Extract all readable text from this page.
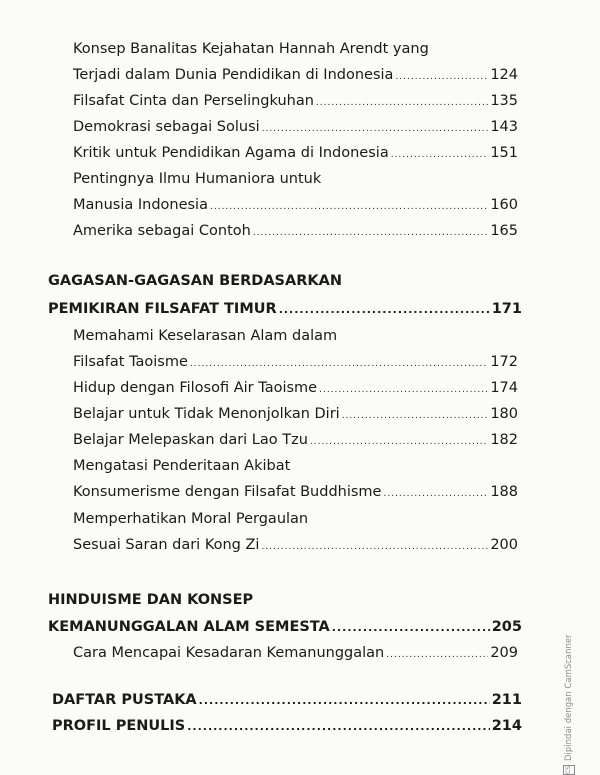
Konsep Banalitas Kejahatan Hannah Arendt yang
Terjadi dalam Dunia Pendidikan di Indonesia .....	124
Filsafat Cinta dan Perselingkuhan .....	135
Demokrasi sebagai Solusi .....	143
Kritik untuk Pendidikan Agama di Indonesia .....	151
Pentingnya Ilmu Humaniora untuk
Manusia Indonesia .....	160
Amerika sebagai Contoh .....	165
GAGASAN-GAGASAN BERDASARKAN
PEMIKIRAN FILSAFAT TIMUR .....	171
Memahami Keselarasan Alam dalam
Filsafat Taoisme .....	172
Hidup dengan Filosofi Air Taoisme .....	174
Belajar untuk Tidak Menonjolkan Diri .....	180
Belajar Melepaskan dari Lao Tzu .....	182
Mengatasi Penderitaan Akibat
Konsumerisme dengan Filsafat Buddhisme .....	188
Memperhatikan Moral Pergaulan
Sesuai Saran dari Kong Zi .....	200
HINDUISME DAN KONSEP
KEMANUNGGALAN ALAM SEMESTA .....	205
Cara Mencapai Kesadaran Kemanunggalan .....	209
DAFTAR PUSTAKA .....	211
PROFIL PENULIS .....	214
CS
Dipindai dengan CamScanner
